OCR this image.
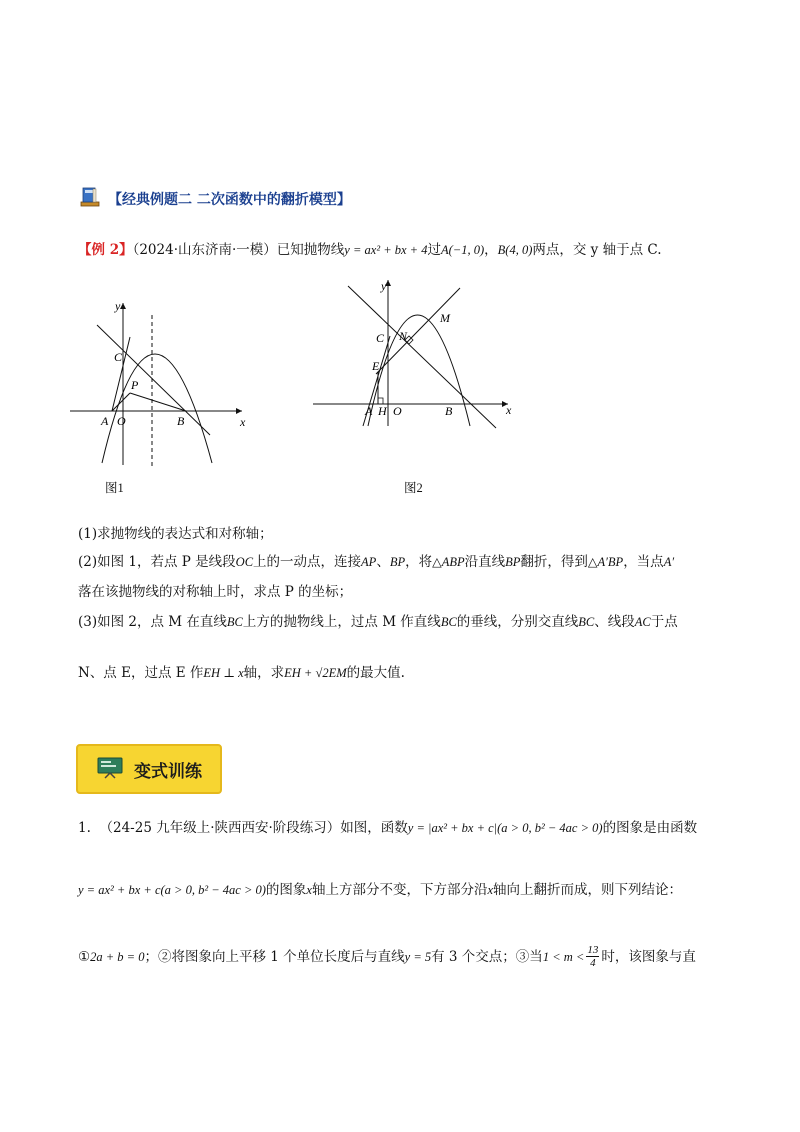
【经典例题二 二次函数中的翻折模型】
【例 2】（2024·山东济南·一模）已知抛物线y = ax² + bx + 4过A(−1, 0)，B(4, 0)两点，交 y 轴于点 C.
y
x
C
P
A O	B
图1
y
x
M
C N
E
A H O	B
图2
(1)求抛物线的表达式和对称轴；
(2)如图 1，若点 P 是线段OC上的一动点，连接AP、BP，将△ABP沿直线BP翻折，得到△A′BP，当点A′
落在该抛物线的对称轴上时，求点 P 的坐标；
(3)如图 2，点 M 在直线BC上方的抛物线上，过点 M 作直线BC的垂线，分别交直线BC、线段AC于点
N、点 E，过点 E 作EH ⊥ x轴，求EH + √2EM的最大值.
变式训练
1. （24-25 九年级上·陕西西安·阶段练习）如图，函数y = |ax² + bx + c|(a > 0, b² − 4ac > 0)的图象是由函数
y = ax² + bx + c(a > 0, b² − 4ac > 0)的图象x轴上方部分不变，下方部分沿x轴向上翻折而成，则下列结论：
① 2a + b = 0 ；②将图象向上平移 1 个单位长度后与直线 y = 5 有 3 个交点；③当 $1 < m < \frac{13}{4}$ 时，该图象与直
